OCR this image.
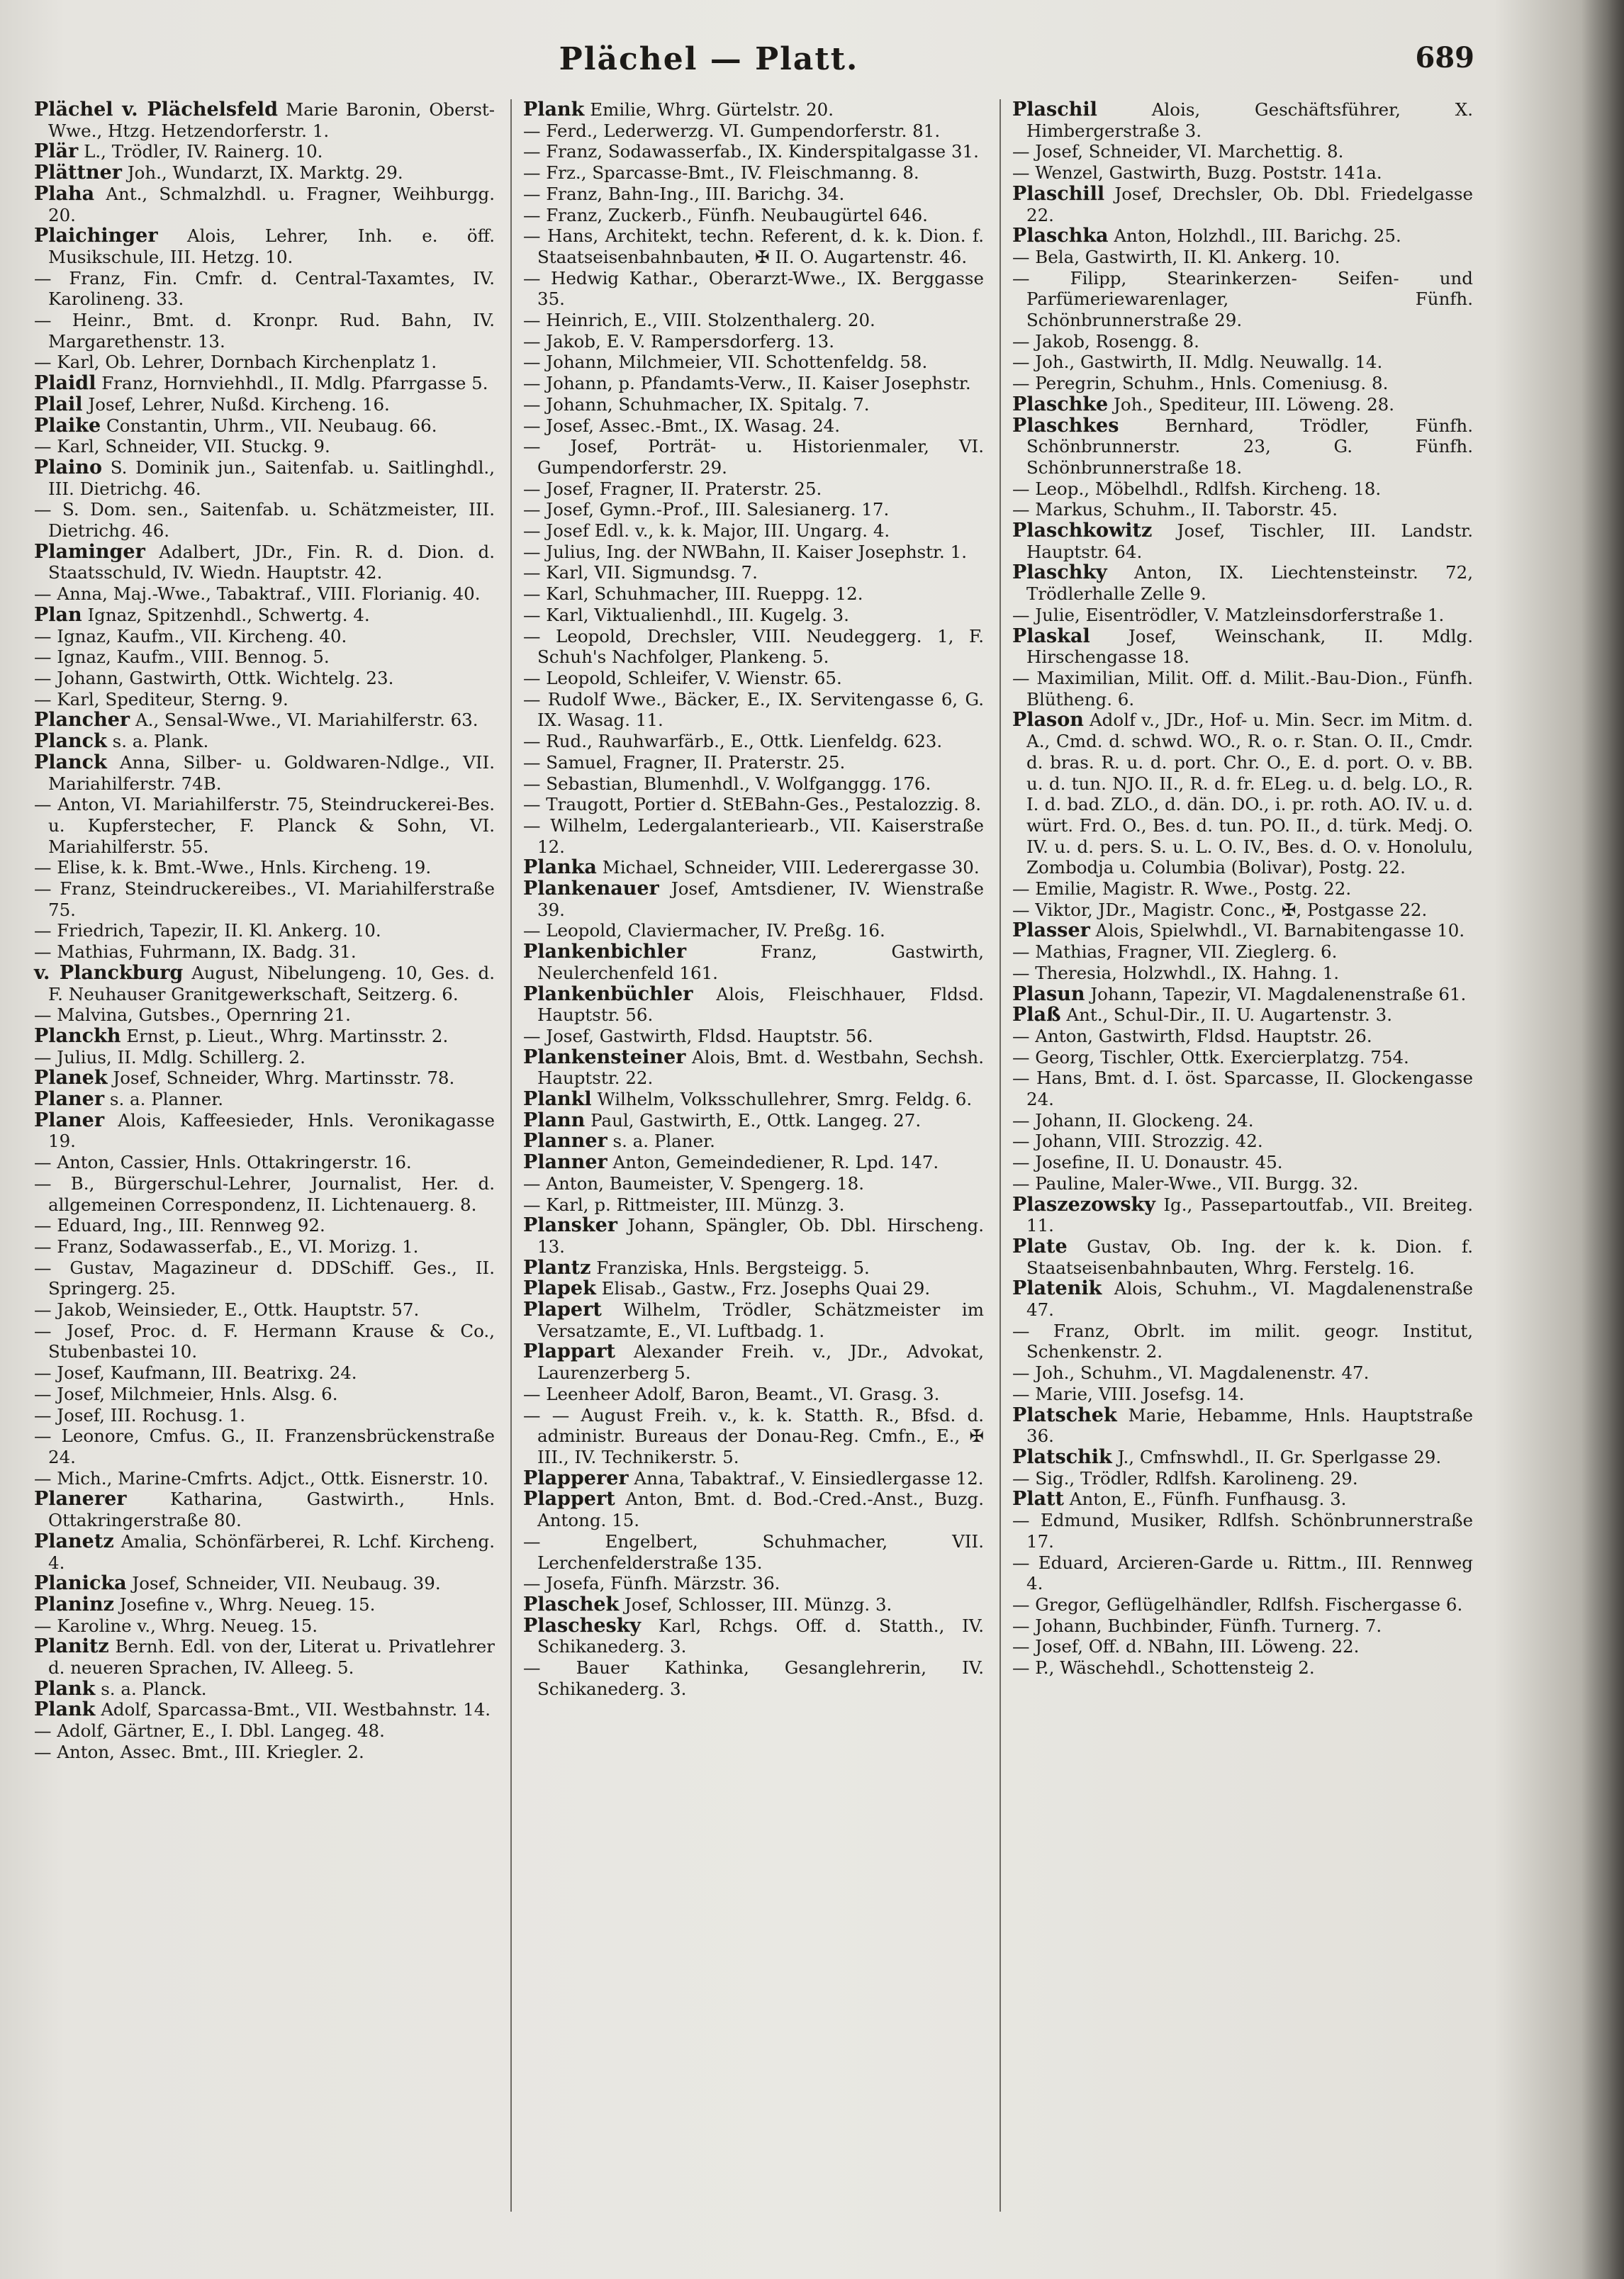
Pläche⁠l — Platt.	689

Plächel v. Plächelsfeld Marie Baronin, Oberst-Wwe., Htzg. Hetzendorferstr. 1.

Plär L., Trödler, IV. Rainerg. 10.

Plättner Joh., Wundarzt, IX. Marktg. 29.

Plaha Ant., Schmalzhdl. u. Fragner, Weihburgg. 20.

Plaichinger Alois, Lehrer, Inh. e. öff. Musikschule, III. Hetzg. 10.

— Franz, Fin. Cmfr. d. Central-Taxamtes, IV. Karolineng. 33.

— Heinr., Bmt. d. Kronpr. Rud. Bahn, IV. Margarethenstr. 13.

— Karl, Ob. Lehrer, Dornbach Kirchenplatz 1.

Plaidl Franz, Hornviehhdl., II. Mdlg. Pfarrgasse 5.

Plail Josef, Lehrer, Nußd. Kircheng. 16.

Plaike Constantin, Uhrm., VII. Neubaug. 66.

— Karl, Schneider, VII. Stuckg. 9.

Plaino S. Dominik jun., Saitenfab. u. Saitlinghdl., III. Dietrichg. 46.

— S. Dom. sen., Saitenfab. u. Schätzmeister, III. Dietrichg. 46.

Plaminger Adalbert, JDr., Fin. R. d. Dion. d. Staatsschuld, IV. Wiedn. Hauptstr. 42.

— Anna, Maj.-Wwe., Tabaktraf., VIII. Florianig. 40.

Plan Ignaz, Spitzenhdl., Schwertg. 4.

— Ignaz, Kaufm., VII. Kircheng. 40.

— Ignaz, Kaufm., VIII. Bennog. 5.

— Johann, Gastwirth, Ottk. Wichtelg. 23.

— Karl, Spediteur, Sterng. 9.

Plancher A., Sensal-Wwe., VI. Mariahilferstr. 63.

Planck s. a. Plank.

Planck Anna, Silber- u. Goldwaren-Ndlge., VII. Mariahilferstr. 74B.

— Anton, VI. Mariahilferstr. 75, Steindruckerei-Bes. u. Kupferstecher, F. Planck & Sohn, VI. Mariahilferstr. 55.

— Elise, k. k. Bmt.-Wwe., Hnls. Kircheng. 19.

— Franz, Steindruckereibes., VI. Mariahilferstraße 75.

— Friedrich, Tapezir, II. Kl. Ankerg. 10.

— Mathias, Fuhrmann, IX. Badg. 31.

v. Planckburg August, Nibelungeng. 10, Ges. d. F. Neuhauser Granitgewerkschaft, Seitzerg. 6.

— Malvina, Gutsbes., Opernring 21.

Planckh Ernst, p. Lieut., Whrg. Martinsstr. 2.

— Julius, II. Mdlg. Schillerg. 2.

Planek Josef, Schneider, Whrg. Martinsstr. 78.

Planer s. a. Planner.

Planer Alois, Kaffeesieder, Hnls. Veronikagasse 19.

— Anton, Cassier, Hnls. Ottakringerstr. 16.

— B., Bürgerschul-Lehrer, Journalist, Her. d. allgemeinen Correspondenz, II. Lichtenauerg. 8.

— Eduard, Ing., III. Rennweg 92.

— Franz, Sodawasserfab., E., VI. Morizg. 1.

— Gustav, Magazineur d. DDSchiff. Ges., II. Springerg. 25.

— Jakob, Weinsieder, E., Ottk. Hauptstr. 57.

— Josef, Proc. d. F. Hermann Krause & Co., Stubenbastei 10.

— Josef, Kaufmann, III. Beatrixg. 24.

— Josef, Milchmeier, Hnls. Alsg. 6.

— Josef, III. Rochusg. 1.

— Leonore, Cmfus. G., II. Franzensbrückenstraße 24.

— Mich., Marine-Cmfrts. Adjct., Ottk. Eisnerstr. 10.

Planerer	Katharina, Gastwirth., Hnls. Ottakringerstraße 80.

Planetz Amalia, Schönfärberei, R. Lchf. Kircheng. 4.

Planicka Josef, Schneider, VII. Neubaug. 39.

Planinz Josefine v., Whrg. Neueg. 15.

— Karoline v., Whrg. Neueg. 15.

Planitz Bernh. Edl. von der, Literat u. Privatlehrer d. neueren Sprachen, IV. Alleeg. 5.

Plank s. a. Planck.

Plank Adolf, Sparcassa-Bmt., VII. Westbahnstr. 14.

— Adolf, Gärtner, E., I. Dbl. Langeg. 48.

— Anton, Assec. Bmt., III. Kriegler. 2.

Plank Emilie, Whrg. Gürtelstr. 20.

— Ferd., Lederwerzg. VI. Gumpendorferstr. 81.

— Franz, Sodawasserfab., IX. Kinderspitalgasse 31.

— Frz., Sparcasse-Bmt., IV. Fleischmanng. 8.

— Franz, Bahn-Ing., III. Barichg. 34.

— Franz, Zuckerb., Fünfh. Neubaugürtel 646.

— Hans, Architekt, techn. Referent, d. k. k. Dion. f. Staatseisenbahnbauten, ✠ II. O. Augartenstr. 46.

— Hedwig Kathar., Oberarzt-Wwe., IX. Berggasse 35.

— Heinrich, E., VIII. Stolzenthalerg. 20.

— Jakob, E. V. Rampersdorferg. 13.

— Johann, Milchmeier, VII. Schottenfeldg. 58.

— Johann, p. Pfandamts-Verw., II. Kaiser Josephstr.

— Johann, Schuhmacher, IX. Spitalg. 7.

— Josef, Assec.-Bmt., IX. Wasag. 24.

— Josef, Porträt- u. Historienmaler, VI. Gumpendorferstr. 29.

— Josef, Fragner, II. Praterstr. 25.

— Josef, Gymn.-Prof., III. Salesianerg. 17.

— Josef Edl. v., k. k. Major, III. Ungarg. 4.

— Julius, Ing. der NWBahn, II. Kaiser Josephstr. 1.

— Karl, VII. Sigmundsg. 7.

— Karl, Schuhmacher, III. Rueppg. 12.

— Karl, Viktualienhdl., III. Kugelg. 3.

— Leopold, Drechsler, VIII. Neudeggerg. 1, F. Schuh's Nachfolger, Plankeng. 5.

— Leopold, Schleifer, V. Wienstr. 65.

— Rudolf Wwe., Bäcker, E., IX. Servitengasse 6, G. IX. Wasag. 11.

— Rud., Rauhwarfärb., E., Ottk. Lienfeldg. 623.

— Samuel, Fragner, II. Praterstr. 25.

— Sebastian, Blumenhdl., V. Wolfganggg. 176.

— Traugott, Portier d. StEBahn-Ges., Pestalozzig. 8.

— Wilhelm, Ledergalanteriearb., VII. Kaiserstraße 12.

Planka Michael, Schneider, VIII. Lederergasse 30.

Plankenauer Josef, Amtsdiener, IV. Wienstraße 39.

— Leopold, Claviermacher, IV. Preßg. 16.

Plankenbichler	Franz, Gastwirth, Neulerchenfeld 161.

Plankenbüchler Alois, Fleischhauer, Fldsd. Hauptstr. 56.

— Josef, Gastwirth, Fldsd. Hauptstr. 56.

Plankensteiner Alois, Bmt. d. Westbahn, Sechsh. Hauptstr. 22.

Plankl Wilhelm, Volksschullehrer, Smrg. Feldg. 6.

Plann Paul, Gastwirth, E., Ottk. Langeg. 27.

Planner s. a. Planer.

Planner Anton, Gemeindediener, R. Lpd. 147.

— Anton, Baumeister, V. Spengerg. 18.

— Karl, p. Rittmeister, III. Münzg. 3.

Plansker Johann, Spängler, Ob. Dbl. Hirscheng. 13.

Plantz Franziska, Hnls. Bergsteigg. 5.

Plapek Elisab., Gastw., Frz. Josephs Quai 29.

Plapert Wilhelm, Trödler, Schätzmeister im Versatzamte, E., VI. Luftbadg. 1.

Plappart Alexander Freih. v., JDr., Advokat, Laurenzerberg 5.

— Leenheer Adolf, Baron, Beamt., VI. Grasg. 3.

— — August Freih. v., k. k. Statth. R., Bfsd. d. administr. Bureaus der Donau-Reg. Cmfn., E., ✠ III., IV. Technikerstr. 5.

Plapperer Anna, Tabaktraf., V. Einsiedlergasse 12.

Plappert Anton, Bmt. d. Bod.-Cred.-Anst., Buzg. Antong. 15.

— Engelbert, Schuhmacher, VII. Lerchenfelderstraße 135.

— Josefa, Fünfh. Märzstr. 36.

Plaschek Josef, Schlosser, III. Münzg. 3.

Plaschesky Karl, Rchgs. Off. d. Statth., IV. Schikanederg. 3.

— Bauer Kathinka, Gesanglehrerin, IV. Schikanederg. 3.

Plaschil	Alois, Geschäftsführer, X. Himbergerstraße 3.

— Josef, Schneider, VI. Marchettig. 8.

— Wenzel, Gastwirth, Buzg. Poststr. 141a.

Plaschill Josef, Drechsler, Ob. Dbl. Friedelgasse 22.

Plaschka Anton, Holzhdl., III. Barichg. 25.

— Bela, Gastwirth, II. Kl. Ankerg. 10.

— Filipp, Stearinkerzen- Seifen- und Parfümeriewarenlager, Fünfh. Schönbrunnerstraße 29.

— Jakob, Rosengg. 8.

— Joh., Gastwirth, II. Mdlg. Neuwallg. 14.

— Peregrin, Schuhm., Hnls. Comeniusg. 8.

Plaschke Joh., Spediteur, III. Löweng. 28.

Plaschkes	Bernhard, Trödler, Fünfh. Schönbrunnerstr. 23, G. Fünfh. Schönbrunnerstraße 18.

— Leop., Möbelhdl., Rdlfsh. Kircheng. 18.

— Markus, Schuhm., II. Taborstr. 45.

Plaschkowitz Josef, Tischler, III. Landstr. Hauptstr. 64.

Plaschky Anton, IX. Liechtensteinstr. 72, Trödlerhalle Zelle 9.

— Julie, Eisentrödler, V. Matzleinsdorferstraße 1.

Plaskal Josef, Weinschank, II. Mdlg. Hirschengasse 18.

— Maximilian, Milit. Off. d. Milit.-Bau-Dion., Fünfh. Blütheng. 6.

Plason Adolf v., JDr., Hof- u. Min. Secr. im Mitm. d. A., Cmd. d. schwd. WO., R. o. r. Stan. O. II., Cmdr. d. bras. R. u. d. port. Chr. O., E. d. port. O. v. BB. u. d. tun. NJO. II., R. d. fr. ELeg. u. d. belg. LO., R. I. d. bad. ZLO., d. dän. DO., i. pr. roth. AO. IV. u. d. würt. Frd. O., Bes. d. tun. PO. II., d. türk. Medj. O. IV. u. d. pers. S. u. L. O. IV., Bes. d. O. v. Honolulu, Zombodja u. Columbia (Bolivar), Postg. 22.

— Emilie, Magistr. R. Wwe., Postg. 22.

— Viktor, JDr., Magistr. Conc., ✠, Postgasse 22.

Plasser Alois, Spielwhdl., VI. Barnabitengasse 10.

— Mathias, Fragner, VII. Zieglerg. 6.

— Theresia, Holzwhdl., IX. Hahng. 1.

Plasun Johann, Tapezir, VI. Magdalenenstraße 61.

Plaß Ant., Schul-Dir., II. U. Augartenstr. 3.

— Anton, Gastwirth, Fldsd. Hauptstr. 26.

— Georg, Tischler, Ottk. Exercierplatzg. 754.

— Hans, Bmt. d. I. öst. Sparcasse, II. Glockengasse 24.

— Johann, II. Glockeng. 24.

— Johann, VIII. Strozzig. 42.

— Josefine, II. U. Donaustr. 45.

— Pauline, Maler-Wwe., VII. Burgg. 32.

Plaszezowsky Ig., Passepartoutfab., VII. Breiteg. 11.

Plate Gustav, Ob. Ing. der k. k. Dion. f. Staatseisenbahnbauten, Whrg. Ferstelg. 16.

Platenik Alois, Schuhm., VI. Magdalenenstraße 47.

— Franz, Obrlt. im milit. geogr. Institut, Schenkenstr. 2.

— Joh., Schuhm., VI. Magdalenenstr. 47.

— Marie, VIII. Josefsg. 14.

Platschek Marie, Hebamme, Hnls. Hauptstraße 36.

Platschik J., Cmfnswhdl., II. Gr. Sperlgasse 29.

— Sig., Trödler, Rdlfsh. Karolineng. 29.

Platt Anton, E., Fünfh. Funfhausg. 3.

— Edmund, Musiker, Rdlfsh. Schönbrunnerstraße 17.

— Eduard, Arcieren-Garde u. Rittm., III. Rennweg 4.

— Gregor, Geflügelhändler, Rdlfsh. Fischergasse 6.

— Johann, Buchbinder, Fünfh. Turnerg. 7.

— Josef, Off. d. NBahn, III. Löweng. 22.

— P., Wäschehdl., Schottensteig 2.
